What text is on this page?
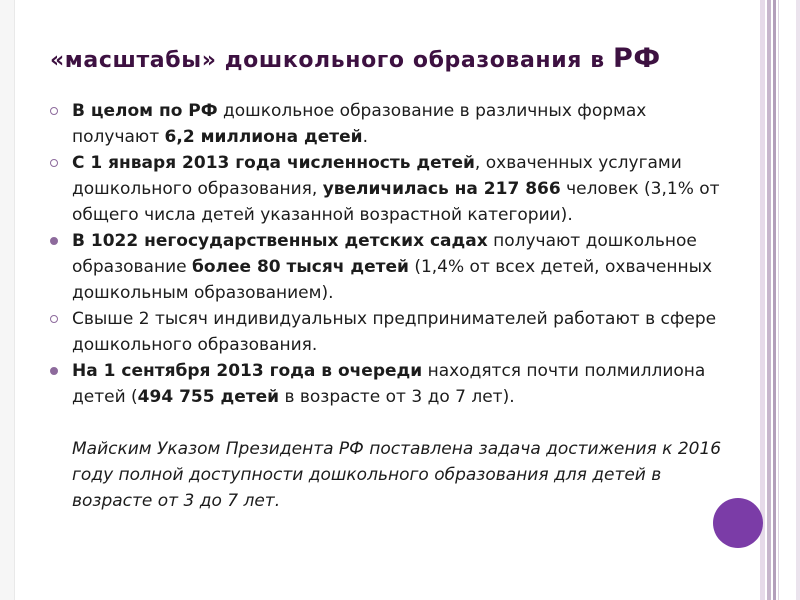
«масштабы» дошкольного образования в РФ

В целом по РФ дошкольное образование в различных формах получают 6,2 миллиона детей.

С 1 января 2013 года численность детей, охваченных услугами дошкольного образования, увеличилась на 217 866 человек (3,1% от общего числа детей указанной возрастной категории).

В 1022 негосударственных детских садах получают дошкольное образование более 80 тысяч детей (1,4% от всех детей, охваченных дошкольным образованием).

Свыше 2 тысяч индивидуальных предпринимателей работают в сфере дошкольного образования.

На 1 сентября 2013 года в очереди находятся почти полмиллиона детей (494 755 детей в возрасте от 3 до 7 лет).

Майским Указом Президента РФ поставлена задача достижения к 2016 году полной доступности дошкольного образования для детей в возрасте от 3 до 7 лет.
